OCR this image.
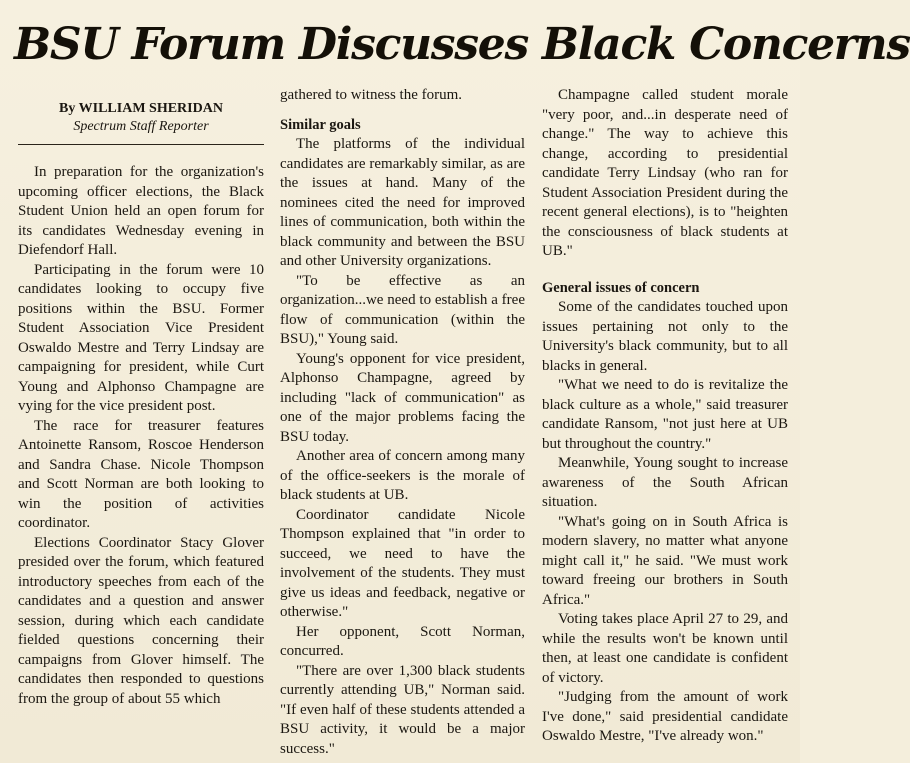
BSU Forum Discusses Black Concerns
By WILLIAM SHERIDAN
Spectrum Staff Reporter

In preparation for the organization's upcoming officer elections, the Black Student Union held an open forum for its candidates Wednesday evening in Diefendorf Hall.

Participating in the forum were 10 candidates looking to occupy five positions within the BSU. Former Student Association Vice President Oswaldo Mestre and Terry Lindsay are campaigning for president, while Curt Young and Alphonso Champagne are vying for the vice president post.

The race for treasurer features Antoinette Ransom, Roscoe Henderson and Sandra Chase. Nicole Thompson and Scott Norman are both looking to win the position of activities coordinator.

Elections Coordinator Stacy Glover presided over the forum, which featured introductory speeches from each of the candidates and a question and answer session, during which each candidate fielded questions concerning their campaigns from Glover himself. The candidates then responded to questions from the group of about 55 which

gathered to witness the forum.

Similar goals

The platforms of the individual candidates are remarkably similar, as are the issues at hand. Many of the nominees cited the need for improved lines of communication, both within the black community and between the BSU and other University organizations.

"To be effective as an organization...we need to establish a free flow of communication (within the BSU)," Young said.

Young's opponent for vice president, Alphonso Champagne, agreed by including "lack of communication" as one of the major problems facing the BSU today.

Another area of concern among many of the office-seekers is the morale of black students at UB.

Coordinator candidate Nicole Thompson explained that "in order to succeed, we need to have the involvement of the students. They must give us ideas and feedback, negative or otherwise."

Her opponent, Scott Norman, concurred.

"There are over 1,300 black students currently attending UB," Norman said. "If even half of these students attended a BSU activity, it would be a major success."

Champagne called student morale "very poor, and...in desperate need of change." The way to achieve this change, according to presidential candidate Terry Lindsay (who ran for Student Association President during the recent general elections), is to "heighten the consciousness of black students at UB."

General issues of concern

Some of the candidates touched upon issues pertaining not only to the University's black community, but to all blacks in general.

"What we need to do is revitalize the black culture as a whole," said treasurer candidate Ransom, "not just here at UB but throughout the country."

Meanwhile, Young sought to increase awareness of the South African situation.

"What's going on in South Africa is modern slavery, no matter what anyone might call it," he said. "We must work toward freeing our brothers in South Africa."

Voting takes place April 27 to 29, and while the results won't be known until then, at least one candidate is confident of victory.

"Judging from the amount of work I've done," said presidential candidate Oswaldo Mestre, "I've already won."
